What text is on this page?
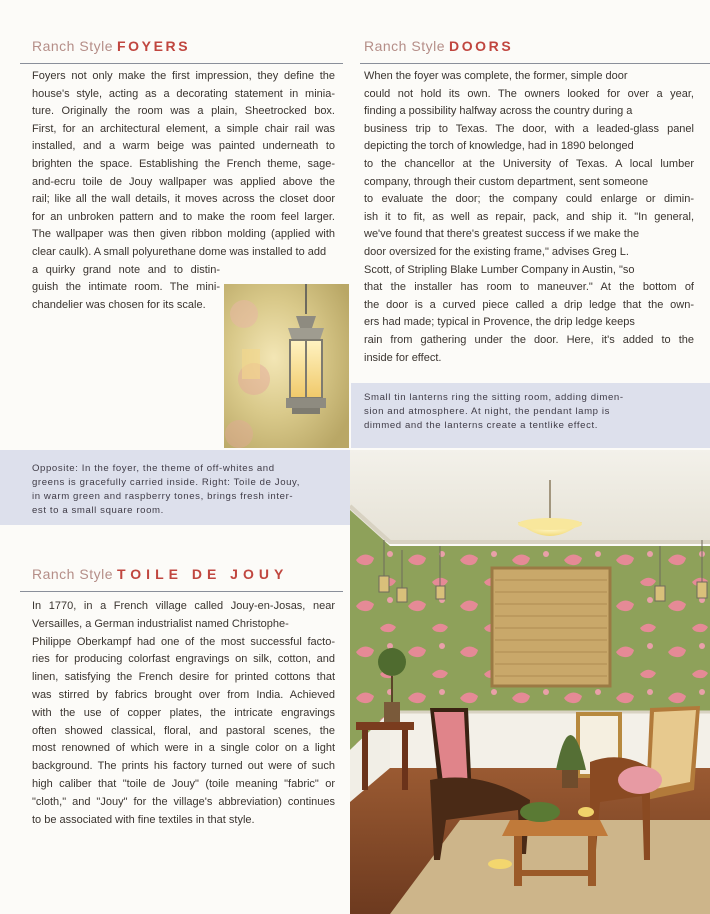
Ranch Style FOYERS	Ranch Style DOORS
Foyers not only make the first impression, they define the
house's style, acting as a decorating statement in minia-
ture. Originally the room was a plain, Sheetrocked box.
First, for an architectural element, a simple chair rail was
installed, and a warm beige was painted underneath to
brighten the space. Establishing the French theme, sage-
and-ecru toile de Jouy wallpaper was applied above the
rail; like all the wall details, it moves across the closet door
for an unbroken pattern and to make the room feel larger.
The wallpaper was then given ribbon molding (applied with
clear caulk). A small polyurethane dome was installed to add
a quirky grand note and to distin-
guish the intimate room. The mini-
chandelier was chosen for its scale.
When the foyer was complete, the former, simple door
could not hold its own. The owners looked for over a year,
finding a possibility halfway across the country during a
business trip to Texas. The door, with a leaded-glass panel
depicting the torch of knowledge, had in 1890 belonged
to the chancellor at the University of Texas. A local lumber
company, through their custom department, sent someone
to evaluate the door; the company could enlarge or dimin-
ish it to fit, as well as repair, pack, and ship it. "In general,
we've found that there's greatest success if we make the
door oversized for the existing frame," advises Greg L.
Scott, of Stripling Blake Lumber Company in Austin, "so
that the installer has room to maneuver." At the bottom of
the door is a curved piece called a drip ledge that the own-
ers had made; typical in Provence, the drip ledge keeps
rain from gathering under the door. Here, it's added to the
inside for effect.
Small tin lanterns ring the sitting room, adding dimen-
sion and atmosphere. At night, the pendant lamp is
dimmed and the lanterns create a tentlike effect.
Opposite: In the foyer, the theme of off-whites and
greens is gracefully carried inside. Right: Toile de Jouy,
in warm green and raspberry tones, brings fresh inter-
est to a small square room.
Ranch Style TOILE DE JOUY
In 1770, in a French village called Jouy-en-Josas, near
Versailles, a German industrialist named Christophe-
Philippe Oberkampf had one of the most successful facto-
ries for producing colorfast engravings on silk, cotton, and
linen, satisfying the French desire for printed cottons that
was stirred by fabrics brought over from India. Achieved
with the use of copper plates, the intricate engravings
often showed classical, floral, and pastoral scenes, the
most renowned of which were in a single color on a light
background. The prints his factory turned out were of such
high caliber that "toile de Jouy" (toile meaning "fabric" or
"cloth," and "Jouy" for the village's abbreviation) continues
to be associated with fine textiles in that style.
